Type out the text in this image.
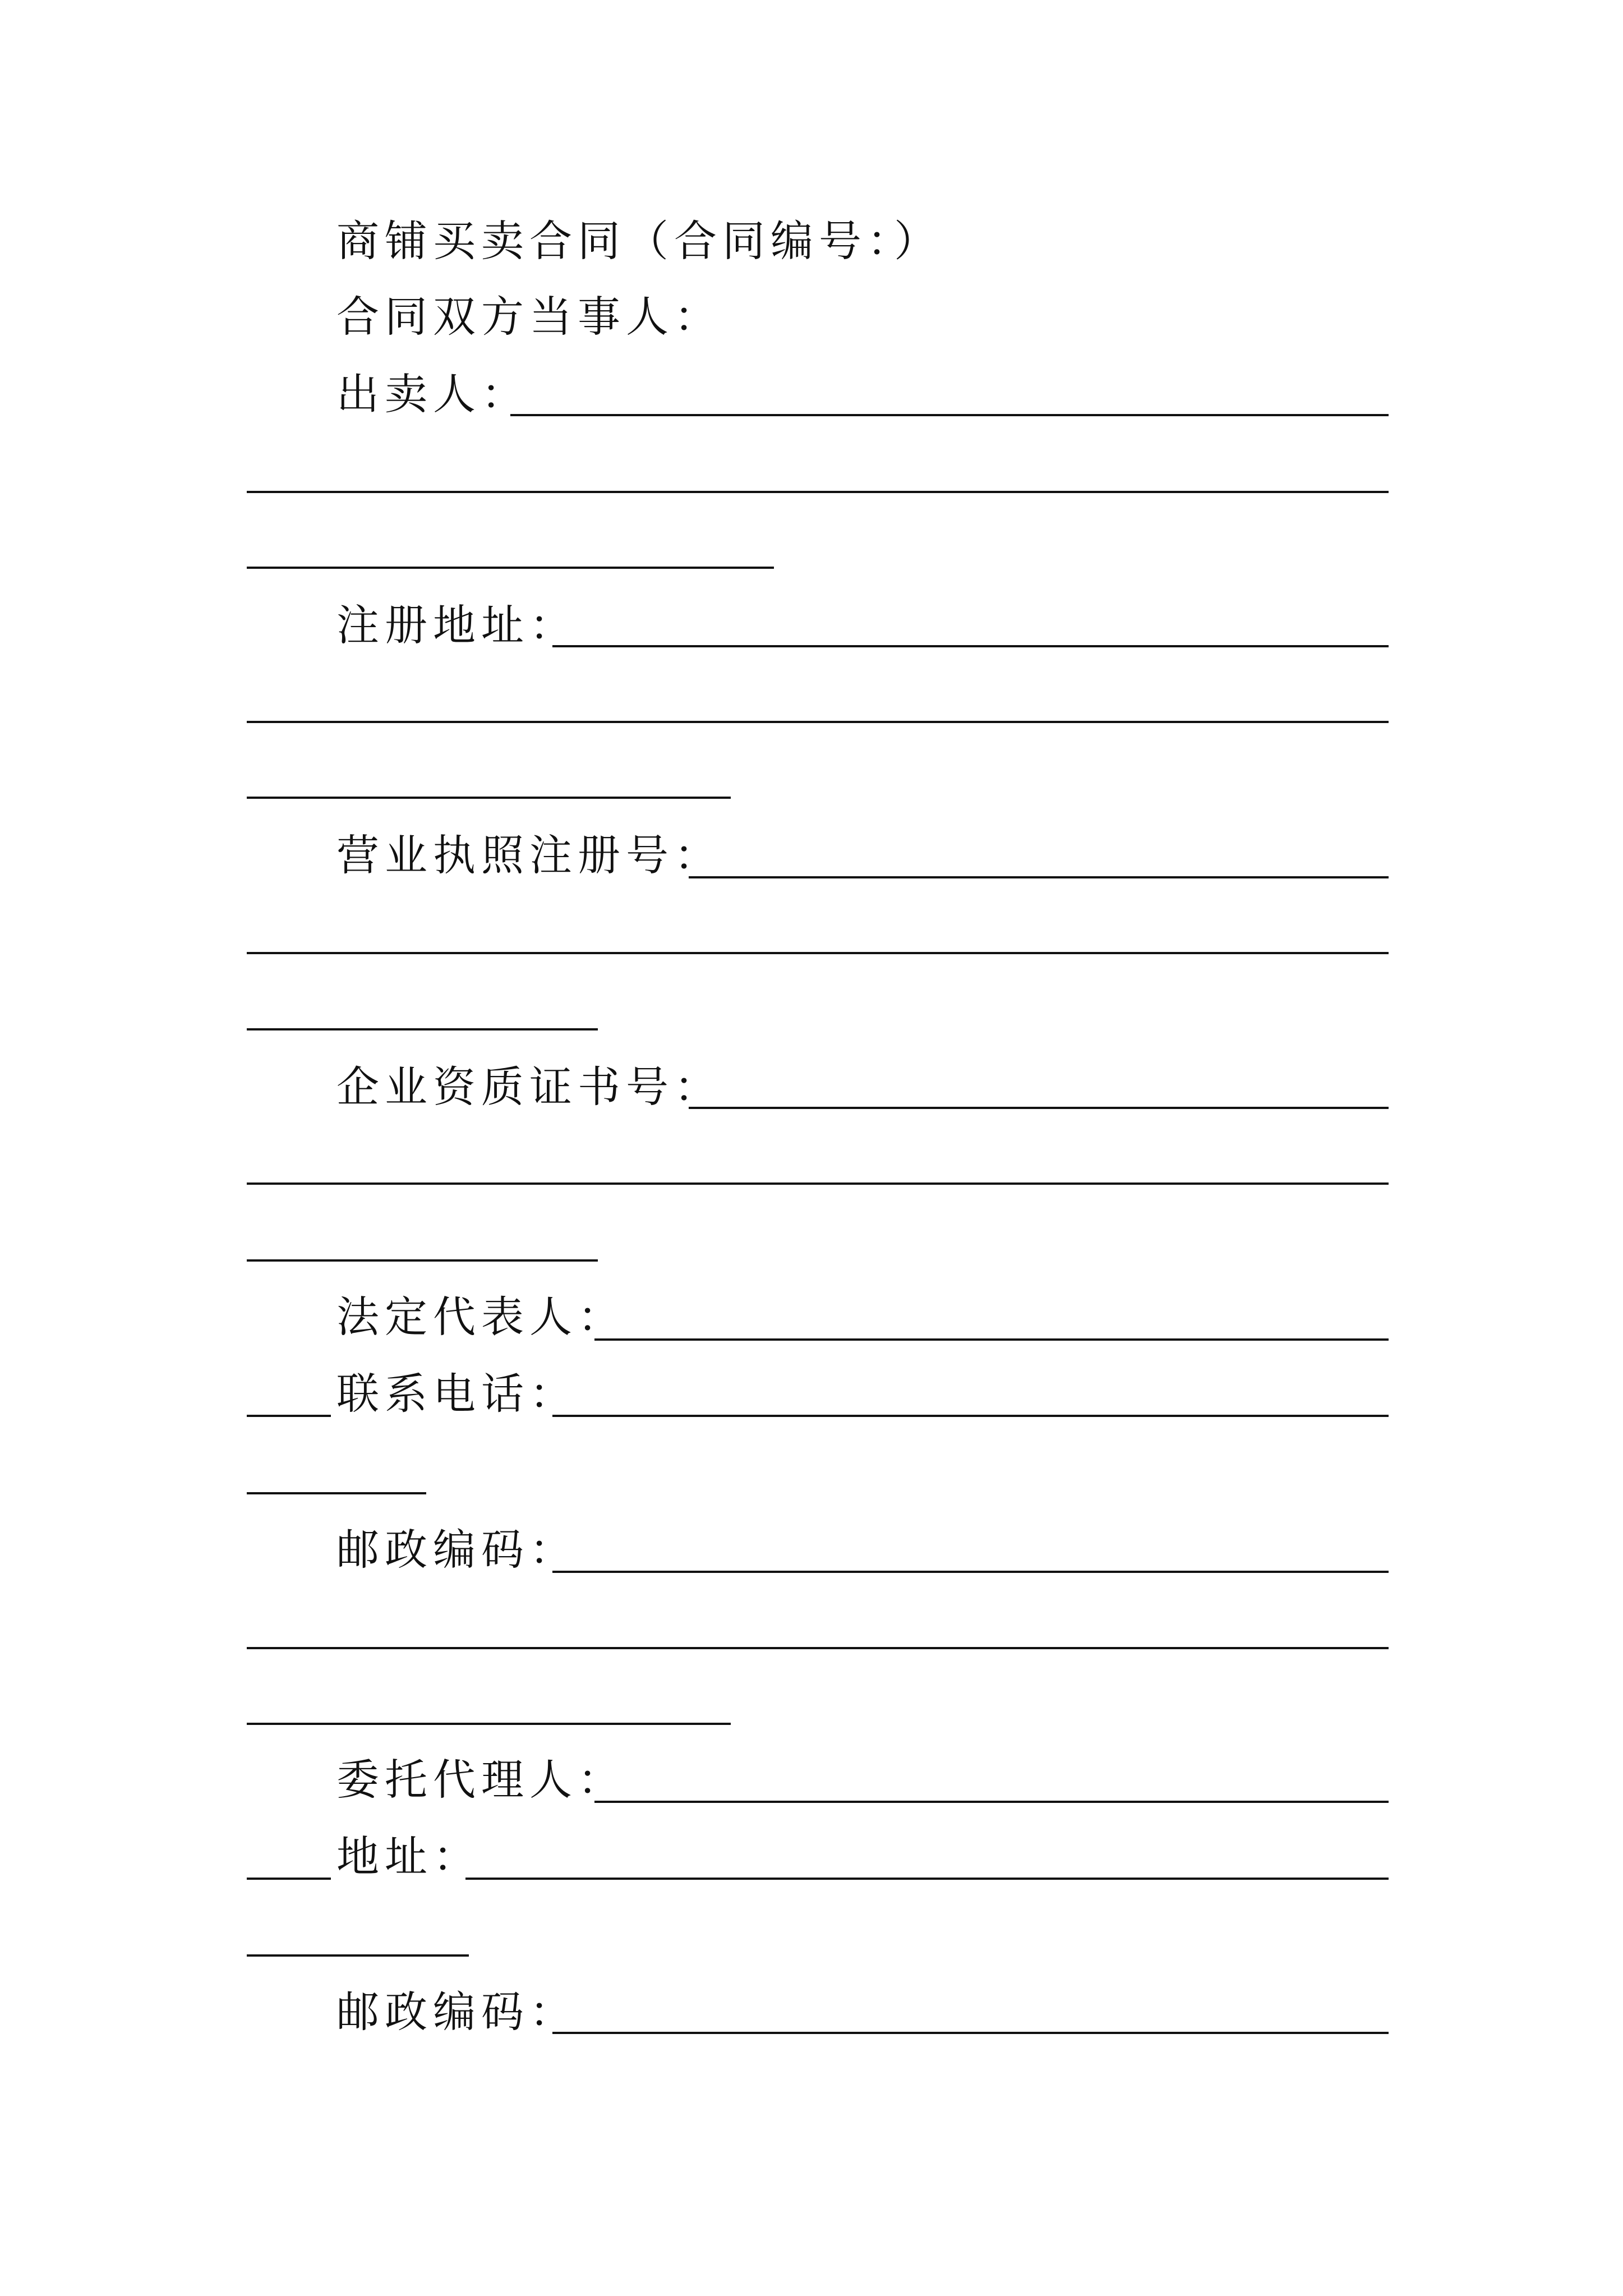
商铺买卖合同（合同编号：）
合同双方当事人：
出卖人：
注册地址：
营业执照注册号：
企业资质证书号：
法定代表人：
联系电话：
邮政编码：
委托代理人：
地址：
邮政编码：
